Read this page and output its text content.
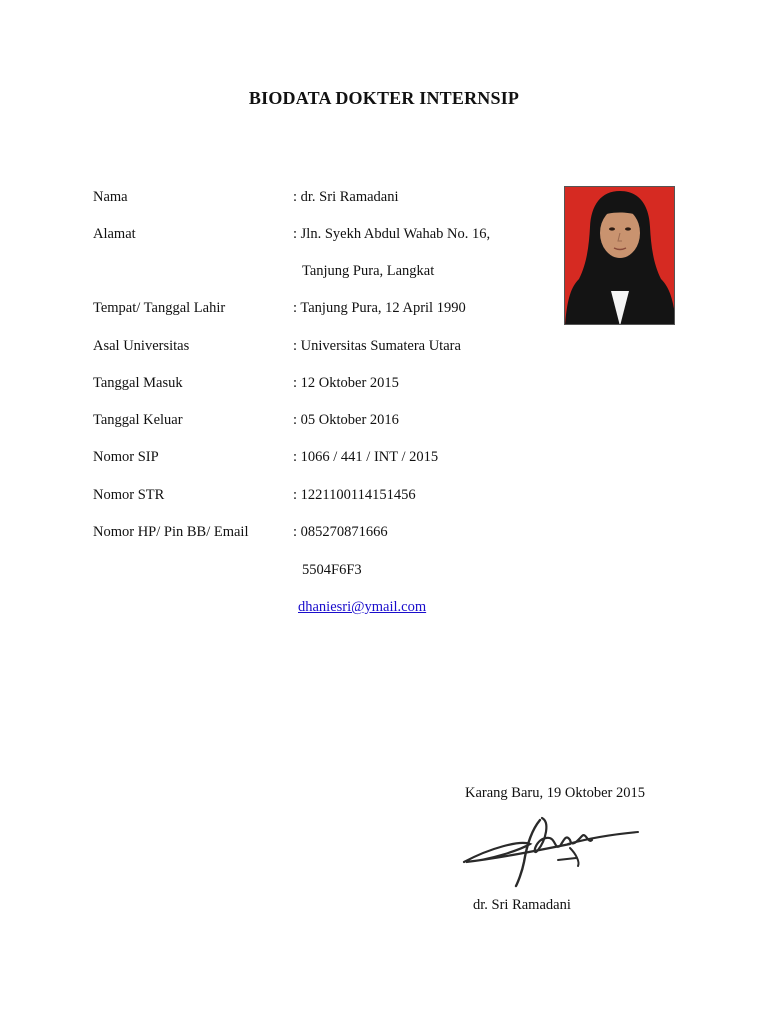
BIODATA DOKTER INTERNSIP
Nama	: dr. Sri Ramadani
Alamat	: Jln. Syekh Abdul Wahab No. 16,
Tanjung Pura, Langkat
Tempat/ Tanggal Lahir	: Tanjung Pura, 12 April 1990
Asal Universitas	: Universitas Sumatera Utara
Tanggal Masuk	: 12 Oktober 2015
Tanggal Keluar	: 05 Oktober 2016
Nomor SIP	: 1066 / 441 / INT / 2015
Nomor STR	: 1221100114151456
Nomor HP/ Pin BB/ Email	: 085270871666
5504F6F3
dhaniesri@ymail.com
Karang Baru, 19 Oktober 2015
dr. Sri Ramadani
